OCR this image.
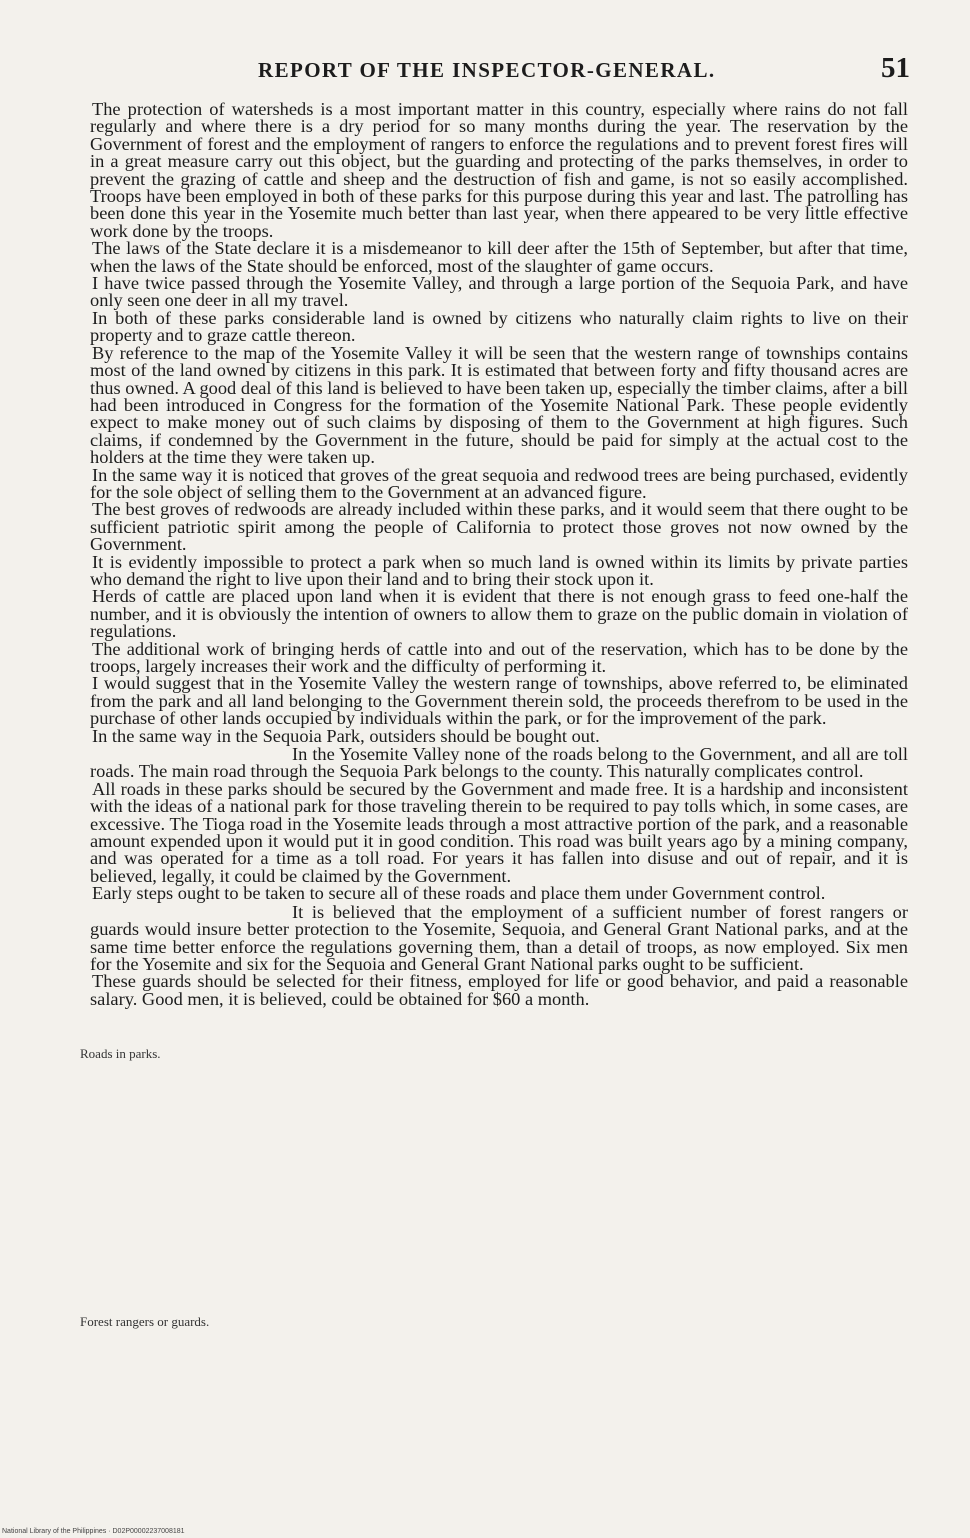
REPORT OF THE INSPECTOR-GENERAL.	51

The protection of watersheds is a most important matter in this country, especially where rains do not fall regularly and where there is a dry period for so many months during the year. The reservation by the Government of forest and the employment of rangers to enforce the regulations and to prevent forest fires will in a great measure carry out this object, but the guarding and protecting of the parks themselves, in order to prevent the grazing of cattle and sheep and the destruction of fish and game, is not so easily accomplished. Troops have been employed in both of these parks for this purpose during this year and last. The patrolling has been done this year in the Yosemite much better than last year, when there appeared to be very little effective work done by the troops.

The laws of the State declare it is a misdemeanor to kill deer after the 15th of September, but after that time, when the laws of the State should be enforced, most of the slaughter of game occurs.

I have twice passed through the Yosemite Valley, and through a large portion of the Sequoia Park, and have only seen one deer in all my travel.

In both of these parks considerable land is owned by citizens who naturally claim rights to live on their property and to graze cattle thereon.

By reference to the map of the Yosemite Valley it will be seen that the western range of townships contains most of the land owned by citizens in this park. It is estimated that between forty and fifty thousand acres are thus owned. A good deal of this land is believed to have been taken up, especially the timber claims, after a bill had been introduced in Congress for the formation of the Yosemite National Park. These people evidently expect to make money out of such claims by disposing of them to the Government at high figures. Such claims, if condemned by the Government in the future, should be paid for simply at the actual cost to the holders at the time they were taken up.

In the same way it is noticed that groves of the great sequoia and redwood trees are being purchased, evidently for the sole object of selling them to the Government at an advanced figure.

The best groves of redwoods are already included within these parks, and it would seem that there ought to be sufficient patriotic spirit among the people of California to protect those groves not now owned by the Government.

It is evidently impossible to protect a park when so much land is owned within its limits by private parties who demand the right to live upon their land and to bring their stock upon it.

Herds of cattle are placed upon land when it is evident that there is not enough grass to feed one-half the number, and it is obviously the intention of owners to allow them to graze on the public domain in violation of regulations.

The additional work of bringing herds of cattle into and out of the reservation, which has to be done by the troops, largely increases their work and the difficulty of performing it.

I would suggest that in the Yosemite Valley the western range of townships, above referred to, be eliminated from the park and all land belonging to the Government therein sold, the proceeds therefrom to be used in the purchase of other lands occupied by individuals within the park, or for the improvement of the park.

In the same way in the Sequoia Park, outsiders should be bought out.

In the Yosemite Valley none of the roads belong to the Government, and all are toll roads. The main road through the Sequoia Park belongs to the county. This naturally complicates control.

All roads in these parks should be secured by the Government and made free. It is a hardship and inconsistent with the ideas of a national park for those traveling therein to be required to pay tolls which, in some cases, are excessive. The Tioga road in the Yosemite leads through a most attractive portion of the park, and a reasonable amount expended upon it would put it in good condition. This road was built years ago by a mining company, and was operated for a time as a toll road. For years it has fallen into disuse and out of repair, and it is believed, legally, it could be claimed by the Government.

Early steps ought to be taken to secure all of these roads and place them under Government control.

It is believed that the employment of a sufficient number of forest rangers or guards would insure better protection to the Yosemite, Sequoia, and General Grant National parks, and at the same time better enforce the regulations governing them, than a detail of troops, as now employed. Six men for the Yosemite and six for the Sequoia and General Grant National parks ought to be sufficient.

These guards should be selected for their fitness, employed for life or good behavior, and paid a reasonable salary. Good men, it is believed, could be obtained for $60 a month.

Roads in parks.
Forest rangers or guards.
National Library of the Philippines · D02P00002237008181
